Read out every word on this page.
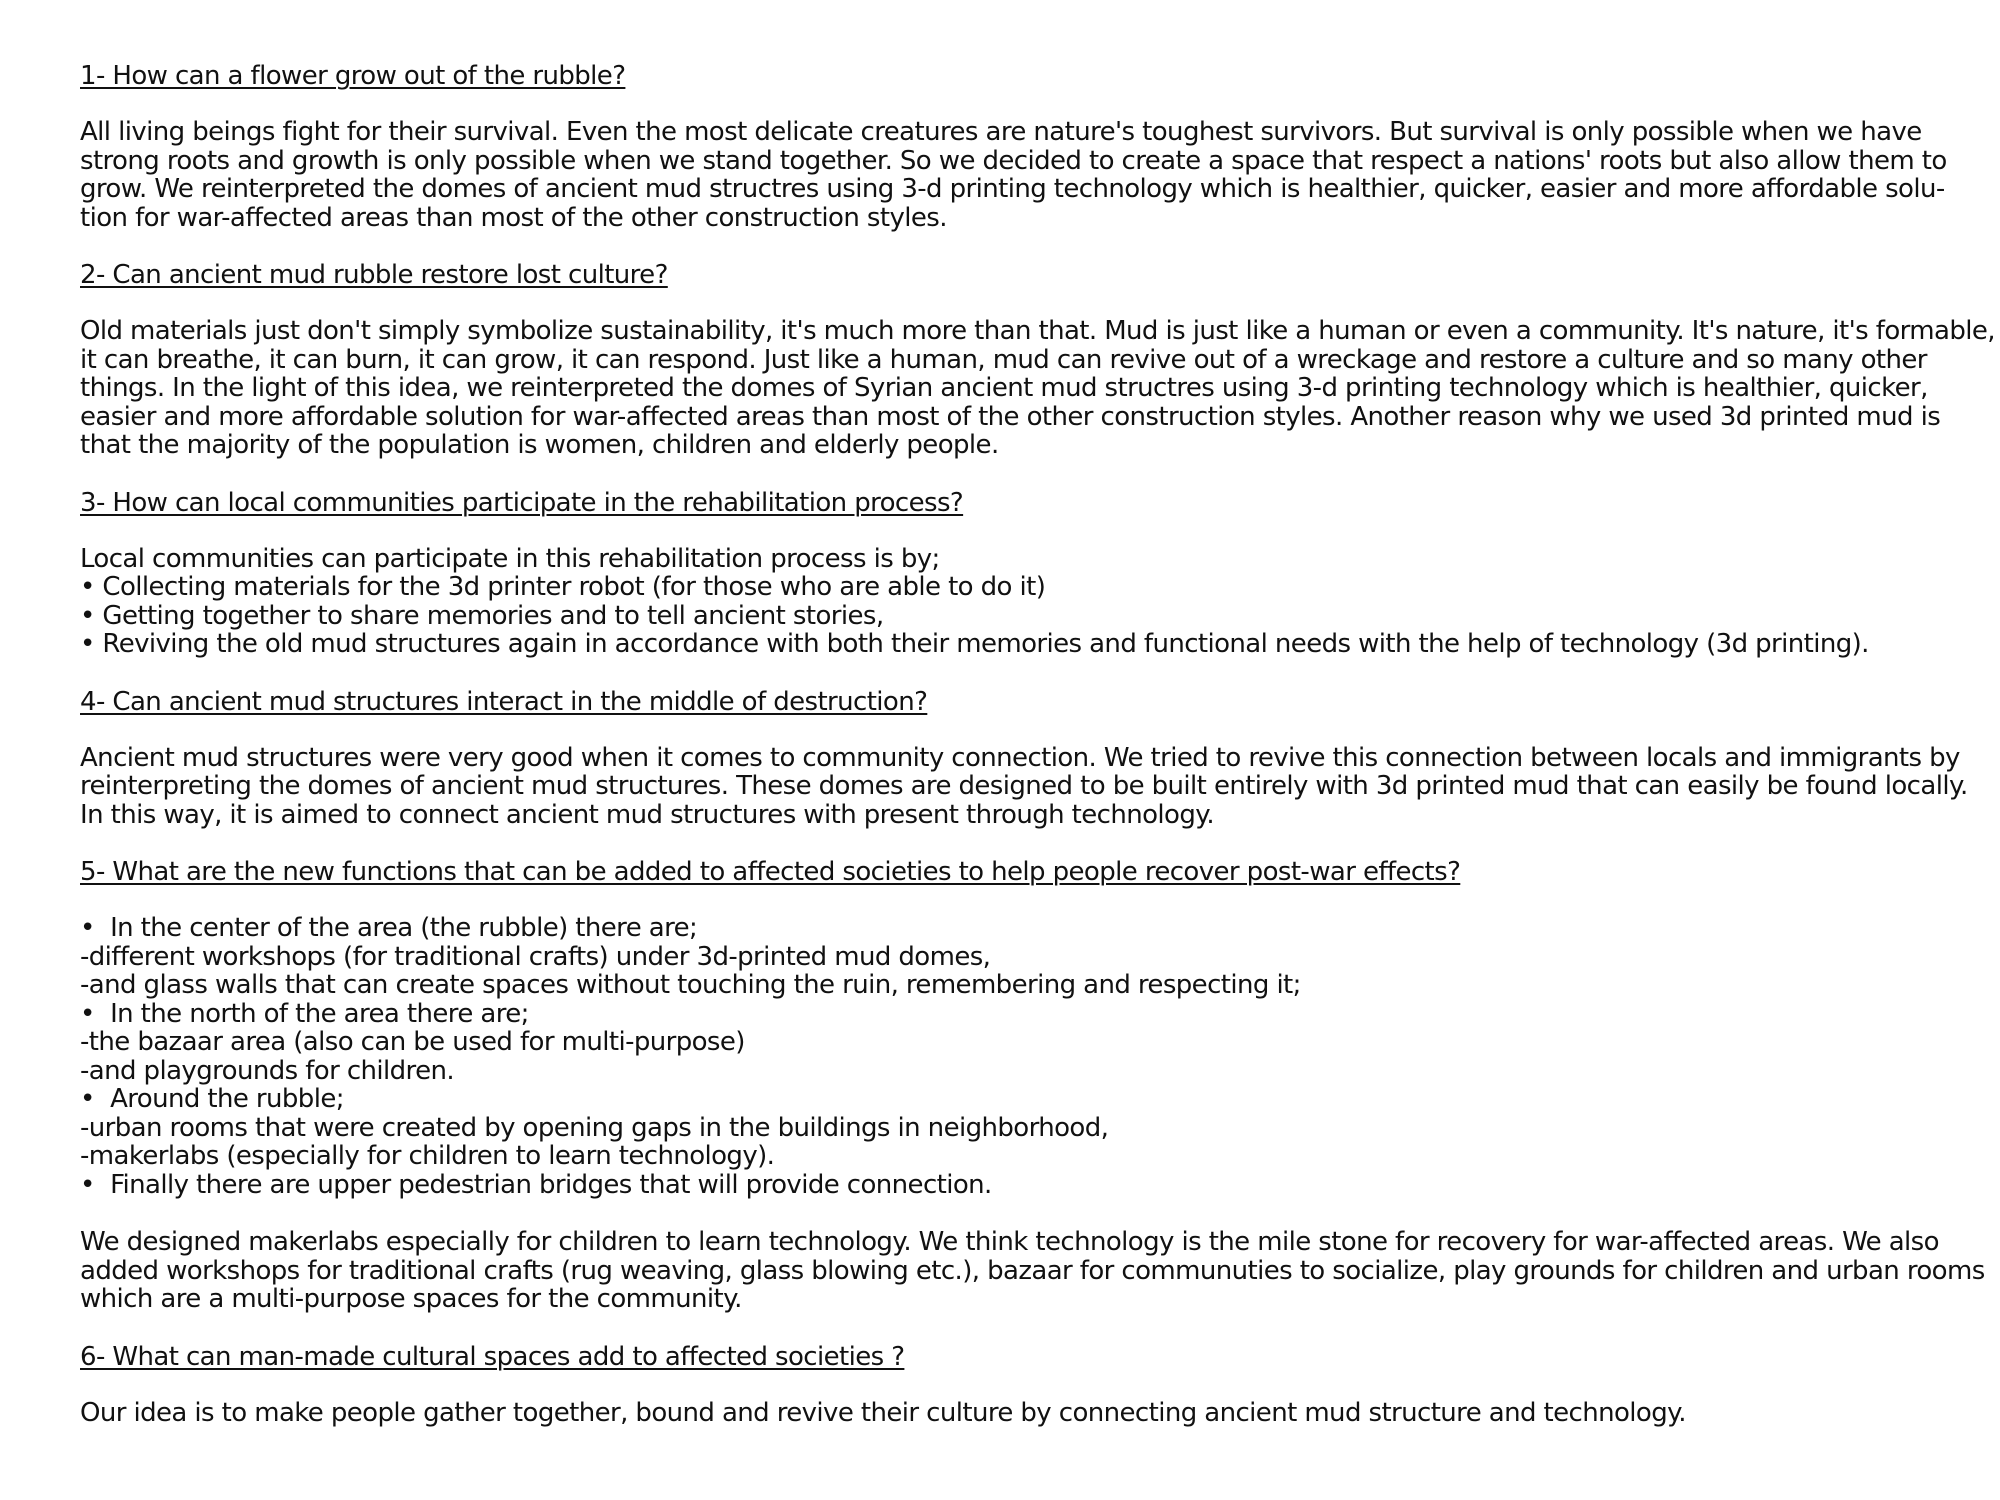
1- How can a flower grow out of the rubble?

All living beings fight for their survival. Even the most delicate creatures are nature's toughest survivors. But survival is only possible when we have
strong roots and growth is only possible when we stand together. So we decided to create a space that respect a nations' roots but also allow them to
grow. We reinterpreted the domes of ancient mud structres using 3-d printing technology which is healthier, quicker, easier and more affordable solu-
tion for war-affected areas than most of the other construction styles.

2- Can ancient mud rubble restore lost culture?

Old materials just don't simply symbolize sustainability, it's much more than that. Mud is just like a human or even a community. It's nature, it's formable,
it can breathe, it can burn, it can grow, it can respond. Just like a human, mud can revive out of a wreckage and restore a culture and so many other
things. In the light of this idea, we reinterpreted the domes of Syrian ancient mud structres using 3-d printing technology which is healthier, quicker,
easier and more affordable solution for war-affected areas than most of the other construction styles. Another reason why we used 3d printed mud is
that the majority of the population is women, children and elderly people.

3- How can local communities participate in the rehabilitation process?

Local communities can participate in this rehabilitation process is by;
• Collecting materials for the 3d printer robot (for those who are able to do it)
• Getting together to share memories and to tell ancient stories,
• Reviving the old mud structures again in accordance with both their memories and functional needs with the help of technology (3d printing).

4- Can ancient mud structures interact in the middle of destruction?

Ancient mud structures were very good when it comes to community connection. We tried to revive this connection between locals and immigrants by
reinterpreting the domes of ancient mud structures. These domes are designed to be built entirely with 3d printed mud that can easily be found locally.
In this way, it is aimed to connect ancient mud structures with present through technology.

5- What are the new functions that can be added to affected societies to help people recover post-war effects?

•  In the center of the area (the rubble) there are;
-different workshops (for traditional crafts) under 3d-printed mud domes,
-and glass walls that can create spaces without touching the ruin, remembering and respecting it;
•  In the north of the area there are;
-the bazaar area (also can be used for multi-purpose)
-and playgrounds for children.
•  Around the rubble;
-urban rooms that were created by opening gaps in the buildings in neighborhood,
-makerlabs (especially for children to learn technology).
•  Finally there are upper pedestrian bridges that will provide connection.

We designed makerlabs especially for children to learn technology. We think technology is the mile stone for recovery for war-affected areas. We also
added workshops for traditional crafts (rug weaving, glass blowing etc.), bazaar for communuties to socialize, play grounds for children and urban rooms
which are a multi-purpose spaces for the community.

6- What can man-made cultural spaces add to affected societies ?

Our idea is to make people gather together, bound and revive their culture by connecting ancient mud structure and technology.
